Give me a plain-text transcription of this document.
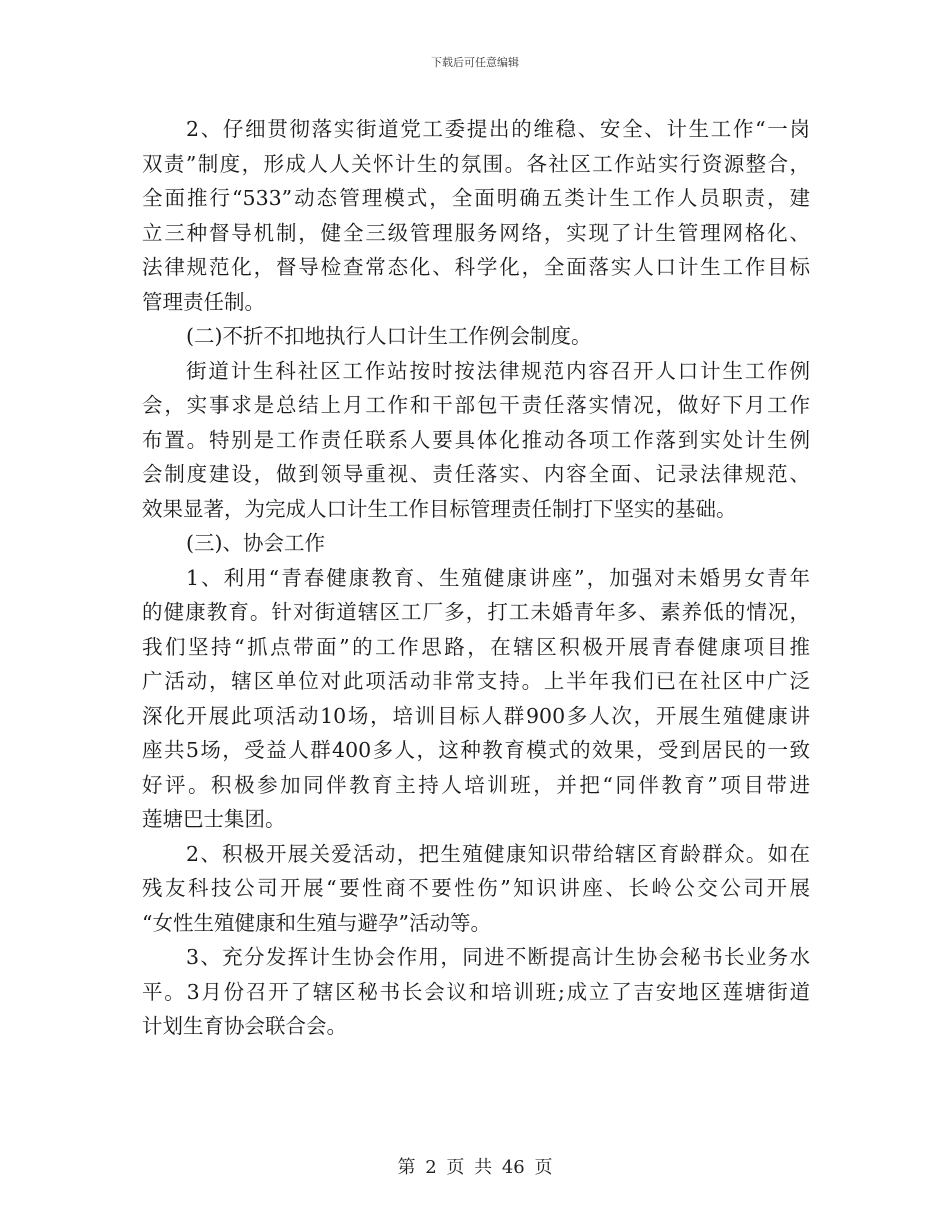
下载后可任意编辑
2、仔细贯彻落实街道党工委提出的维稳、安全、计生工作“一岗
双责”制度，形成人人关怀计生的氛围。各社区工作站实行资源整合，
全面推行“533”动态管理模式，全面明确五类计生工作人员职责，建
立三种督导机制，健全三级管理服务网络，实现了计生管理网格化、
法律规范化，督导检查常态化、科学化，全面落实人口计生工作目标
管理责任制。
(二)不折不扣地执行人口计生工作例会制度。
街道计生科社区工作站按时按法律规范内容召开人口计生工作例
会，实事求是总结上月工作和干部包干责任落实情况，做好下月工作
布置。特别是工作责任联系人要具体化推动各项工作落到实处计生例
会制度建设，做到领导重视、责任落实、内容全面、记录法律规范、
效果显著，为完成人口计生工作目标管理责任制打下坚实的基础。
(三)、协会工作
1、利用“青春健康教育、生殖健康讲座”，加强对未婚男女青年
的健康教育。针对街道辖区工厂多，打工未婚青年多、素养低的情况，
我们坚持“抓点带面”的工作思路，在辖区积极开展青春健康项目推
广活动，辖区单位对此项活动非常支持。上半年我们已在社区中广泛
深化开展此项活动10场，培训目标人群900多人次，开展生殖健康讲
座共5场，受益人群400多人，这种教育模式的效果，受到居民的一致
好评。积极参加同伴教育主持人培训班，并把“同伴教育”项目带进
莲塘巴士集团。
2、积极开展关爱活动，把生殖健康知识带给辖区育龄群众。如在
残友科技公司开展“要性商不要性伤”知识讲座、长岭公交公司开展
“女性生殖健康和生殖与避孕”活动等。
3、充分发挥计生协会作用，同进不断提高计生协会秘书长业务水
平。3月份召开了辖区秘书长会议和培训班;成立了吉安地区莲塘街道
计划生育协会联合会。
第 2 页 共 46 页
